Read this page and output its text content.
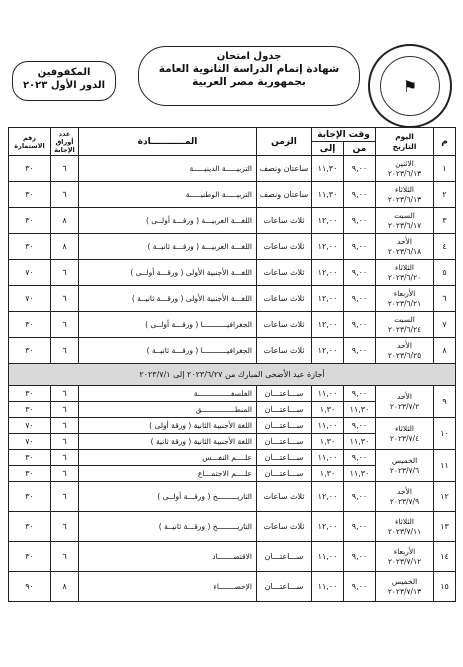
⚑
جدول امتحان
شهادة إتمام الدراسة الثانوية العامة
بجمهورية مصر العربية
المكفوفين
الدور الأول ٢٠٢٣
م	اليوم
التاريخ	وقت الإجابة		الزمن	المـــــــــــادة	عدد أوراق الإجابة	رقم الاستمارة
		من	إلى				
١	الاثنين
٢٠٢٣/٦/١٣	٩,٠٠	١١,٣٠	ساعتان ونصف	التربيـــــة الدينيـــــة	٦	٣٠
٢	الثلاثاء
٢٠٢٣/٦/١٣	٩,٠٠	١١,٣٠	ساعتان ونصف	التربيـــــة الوطنيـــــة	٦	٣٠
٣	السبت
٢٠٢٣/٦/١٧	٩,٠٠	١٢,٠٠	ثلاث ساعات	اللغـــة العربيـــة ( ورقـــة أولــى )	٨	٣٠
٤	الأحد
٢٠٢٣/٦/١٨	٩,٠٠	١٢,٠٠	ثلاث ساعات	اللغـــة العربيـــة ( ورقـــة ثانيــة )	٨	٣٠
٥	الثلاثاء
٢٠٢٣/٦/٢٠	٩,٠٠	١٢,٠٠	ثلاث ساعات	اللغـــة الأجنبية الأولى ( ورقـــة أولــى )	٦	٧٠
٦	الأربعاء
٢٠٢٣/٦/٢١	٩,٠٠	١٢,٠٠	ثلاث ساعات	اللغـــة الأجنبية الأولى ( ورقـــة ثانيــة )	٦	٧٠
٧	السبت
٢٠٢٣/٦/٢٤	٩,٠٠	١٢,٠٠	ثلاث ساعات	الجغرافيـــــــــــا ( ورقـــة أولــى )	٦	٣٠
٨	الأحد
٢٠٢٣/٦/٢٥	٩,٠٠	١٢,٠٠	ثلاث ساعات	الجغرافيـــــــــــا ( ورقـــة ثانيــة )	٦	٣٠
أجازة عيد الأضحى المبارك من ٢٠٢٣/٦/٢٧ إلى ٢٠٢٣/٧/١							
٩	الأحد
٢٠٢٣/٧/٢	٩,٠٠	١١,٠٠	ســـاعتـــان	الفلسفـــــــــــــــة	٦	٣٠
		١١,٣٠	١,٣٠	ســـاعتـــان	المنطـــــــــــــــق	٦	٣٠
١٠	الثلاثاء
٢٠٢٣/٧/٤	٩,٠٠	١١,٠٠	ســـاعتـــان	اللغة الأجنبية الثانية ( ورقة أولى )	٦	٧٠
		١١,٣٠	١,٣٠	ســـاعتـــان	اللغة الأجنبية الثانية ( ورقة ثانية )	٦	٧٠
١١	الخميس
٢٠٢٣/٧/٦	٩,٠٠	١١,٠٠	ســـاعتـــان	علــــم النفـــس	٦	٣٠
		١١,٣٠	١,٣٠	ســـاعتـــان	علــــم الاجتمـــاع	٦	٣٠
١٢	الأحد
٢٠٢٣/٧/٩	٩,٠٠	١٢,٠٠	ثلاث ساعات	التاريـــــــــخ ( ورقـــة أولــى )	٦	٣٠
١٣	الثلاثاء
٢٠٢٣/٧/١١	٩,٠٠	١٢,٠٠	ثلاث ساعات	التاريـــــــــخ ( ورقـــة ثانيــة )	٦	٣٠
١٤	الأربعاء
٢٠٢٣/٧/١٢	٩,٠٠	١١,٠٠	ســـاعتـــان	الاقتصـــــــاد	٦	٣٠
١٥	الخميس
٢٠٢٣/٧/١٣	٩,٠٠	١١,٠٠	ســـاعتـــان	الإحصـــــــاء	٨	٩٠
